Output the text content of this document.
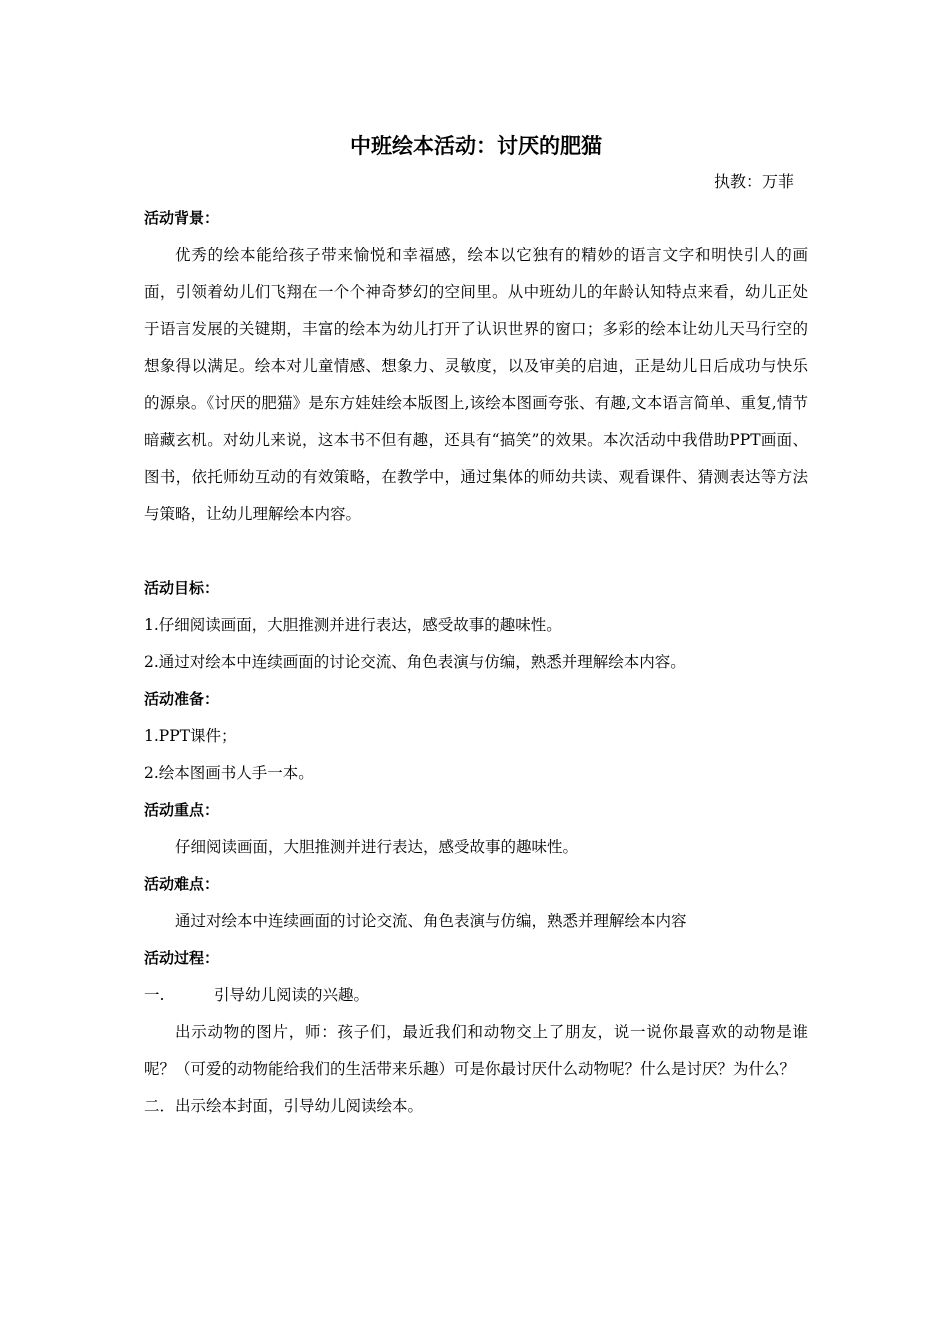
中班绘本活动：讨厌的肥猫
执教：万菲
活动背景：

优秀的绘本能给孩子带来愉悦和幸福感，绘本以它独有的精妙的语言文字和明快引人的画面，引领着幼儿们飞翔在一个个神奇梦幻的空间里。从中班幼儿的年龄认知特点来看，幼儿正处于语言发展的关键期，丰富的绘本为幼儿打开了认识世界的窗口；多彩的绘本让幼儿天马行空的想象得以满足。绘本对儿童情感、想象力、灵敏度，以及审美的启迪，正是幼儿日后成功与快乐的源泉。《讨厌的肥猫》是东方娃娃绘本版图上,该绘本图画夸张、有趣,文本语言简单、重复,情节暗藏玄机。对幼儿来说，这本书不但有趣，还具有“搞笑”的效果。本次活动中我借助PPT画面、图书，依托师幼互动的有效策略，在教学中，通过集体的师幼共读、观看课件、猜测表达等方法与策略，让幼儿理解绘本内容。

活动目标：
1.仔细阅读画面，大胆推测并进行表达，感受故事的趣味性。
2.通过对绘本中连续画面的讨论交流、角色表演与仿编，熟悉并理解绘本内容。
活动准备：
1.PPT课件；
2.绘本图画书人手一本。
活动重点：
仔细阅读画面，大胆推测并进行表达，感受故事的趣味性。
活动难点：
通过对绘本中连续画面的讨论交流、角色表演与仿编，熟悉并理解绘本内容
活动过程：
一.	引导幼儿阅读的兴趣。

出示动物的图片，师：孩子们，最近我们和动物交上了朋友，说一说你最喜欢的动物是谁呢？（可爱的动物能给我们的生活带来乐趣）可是你最讨厌什么动物呢？什么是讨厌？为什么？

二．出示绘本封面，引导幼儿阅读绘本。
